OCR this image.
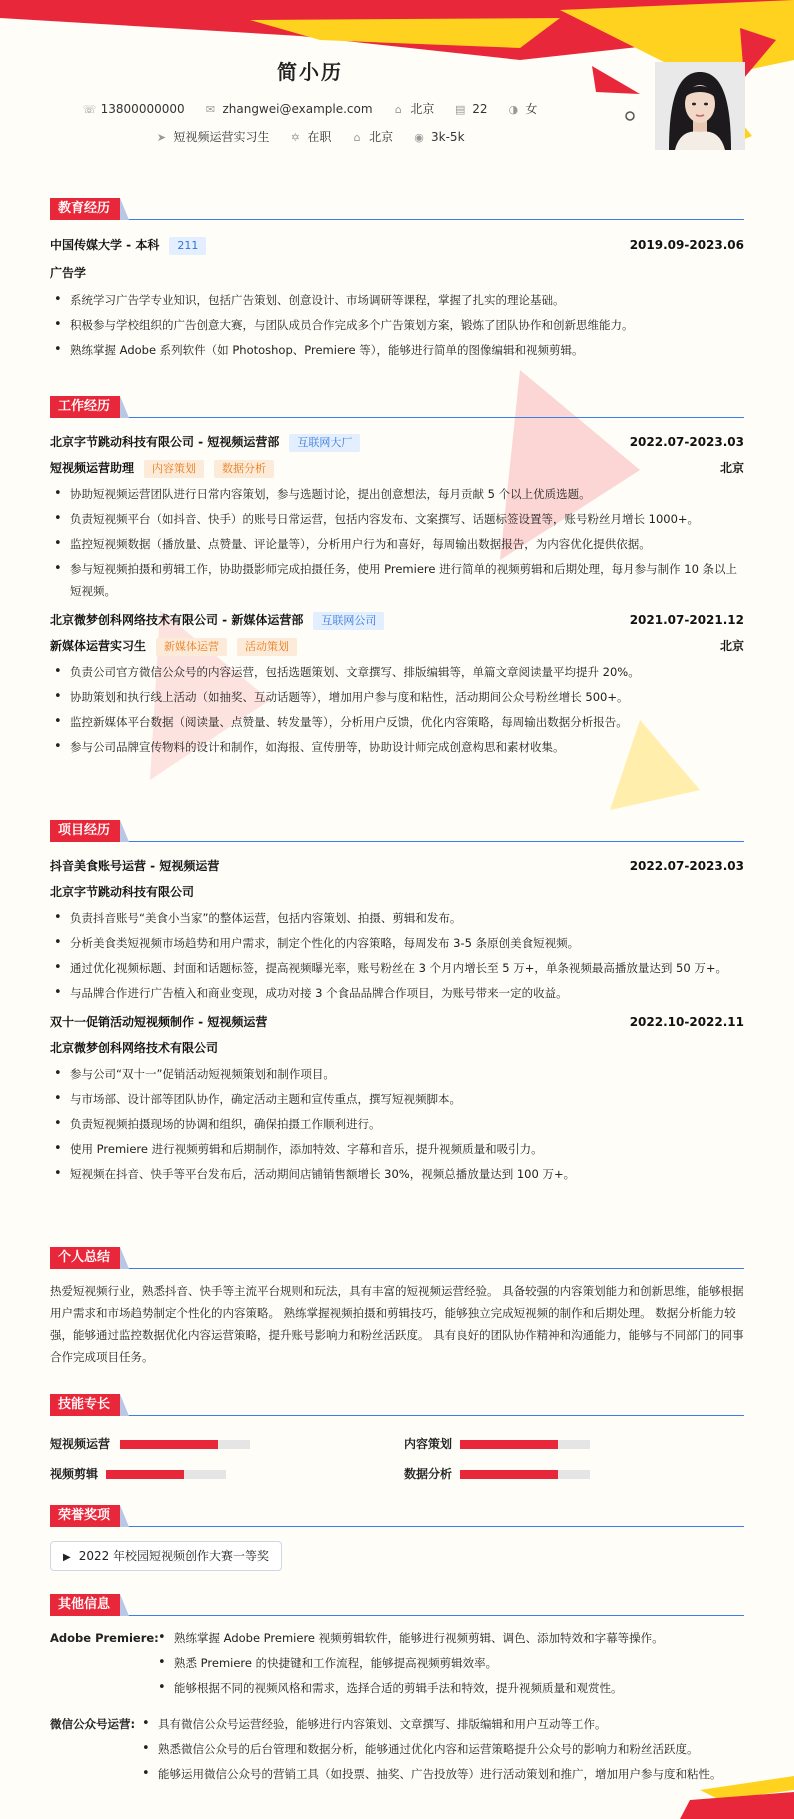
简小历
☏ 13800000000 ✉ zhangwei@example.com ⌂ 北京 ▤ 22 ◑ 女
➤ 短视频运营实习生 ✡ 在职 ⌂ 北京 ◉ 3k-5k
教育经历
中国传媒大学 - 本科 211	2019.09-2023.06
广告学
• 系统学习广告学专业知识，包括广告策划、创意设计、市场调研等课程，掌握了扎实的理论基础。
• 积极参与学校组织的广告创意大赛，与团队成员合作完成多个广告策划方案，锻炼了团队协作和创新思维能力。
• 熟练掌握 Adobe 系列软件（如 Photoshop、Premiere 等），能够进行简单的图像编辑和视频剪辑。
工作经历
北京字节跳动科技有限公司 - 短视频运营部 互联网大厂	2022.07-2023.03
短视频运营助理 内容策划 数据分析	北京
• 协助短视频运营团队进行日常内容策划，参与选题讨论，提出创意想法，每月贡献 5 个以上优质选题。
• 负责短视频平台（如抖音、快手）的账号日常运营，包括内容发布、文案撰写、话题标签设置等，账号粉丝月增长 1000+。
• 监控短视频数据（播放量、点赞量、评论量等），分析用户行为和喜好，每周输出数据报告，为内容优化提供依据。
• 参与短视频拍摄和剪辑工作，协助摄影师完成拍摄任务，使用 Premiere 进行简单的视频剪辑和后期处理，每月参与制作 10 条以上短视频。
北京微梦创科网络技术有限公司 - 新媒体运营部 互联网公司	2021.07-2021.12
新媒体运营实习生 新媒体运营 活动策划	北京
• 负责公司官方微信公众号的内容运营，包括选题策划、文章撰写、排版编辑等，单篇文章阅读量平均提升 20%。
• 协助策划和执行线上活动（如抽奖、互动话题等），增加用户参与度和粘性，活动期间公众号粉丝增长 500+。
• 监控新媒体平台数据（阅读量、点赞量、转发量等），分析用户反馈，优化内容策略，每周输出数据分析报告。
• 参与公司品牌宣传物料的设计和制作，如海报、宣传册等，协助设计师完成创意构思和素材收集。
项目经历
抖音美食账号运营 - 短视频运营	2022.07-2023.03
北京字节跳动科技有限公司
• 负责抖音账号“美食小当家”的整体运营，包括内容策划、拍摄、剪辑和发布。
• 分析美食类短视频市场趋势和用户需求，制定个性化的内容策略，每周发布 3-5 条原创美食短视频。
• 通过优化视频标题、封面和话题标签，提高视频曝光率，账号粉丝在 3 个月内增长至 5 万+，单条视频最高播放量达到 50 万+。
• 与品牌合作进行广告植入和商业变现，成功对接 3 个食品品牌合作项目，为账号带来一定的收益。
双十一促销活动短视频制作 - 短视频运营	2022.10-2022.11
北京微梦创科网络技术有限公司
• 参与公司“双十一”促销活动短视频策划和制作项目。
• 与市场部、设计部等团队协作，确定活动主题和宣传重点，撰写短视频脚本。
• 负责短视频拍摄现场的协调和组织，确保拍摄工作顺利进行。
• 使用 Premiere 进行视频剪辑和后期制作，添加特效、字幕和音乐，提升视频质量和吸引力。
• 短视频在抖音、快手等平台发布后，活动期间店铺销售额增长 30%，视频总播放量达到 100 万+。
个人总结
热爱短视频行业，熟悉抖音、快手等主流平台规则和玩法，具有丰富的短视频运营经验。 具备较强的内容策划能力和创新思维，能够根据用户需求和市场趋势制定个性化的内容策略。 熟练掌握视频拍摄和剪辑技巧，能够独立完成短视频的制作和后期处理。 数据分析能力较强，能够通过监控数据优化内容运营策略，提升账号影响力和粉丝活跃度。 具有良好的团队协作精神和沟通能力，能够与不同部门的同事合作完成项目任务。
技能专长
短视频运营	内容策划
视频剪辑	数据分析
荣誉奖项
▶ 2022 年校园短视频创作大赛一等奖
其他信息
Adobe Premiere:	• 熟练掌握 Adobe Premiere 视频剪辑软件，能够进行视频剪辑、调色、添加特效和字幕等操作。
• 熟悉 Premiere 的快捷键和工作流程，能够提高视频剪辑效率。
• 能够根据不同的视频风格和需求，选择合适的剪辑手法和特效，提升视频质量和观赏性。
微信公众号运营:	• 具有微信公众号运营经验，能够进行内容策划、文章撰写、排版编辑和用户互动等工作。
• 熟悉微信公众号的后台管理和数据分析，能够通过优化内容和运营策略提升公众号的影响力和粉丝活跃度。
• 能够运用微信公众号的营销工具（如投票、抽奖、广告投放等）进行活动策划和推广，增加用户参与度和粘性。
